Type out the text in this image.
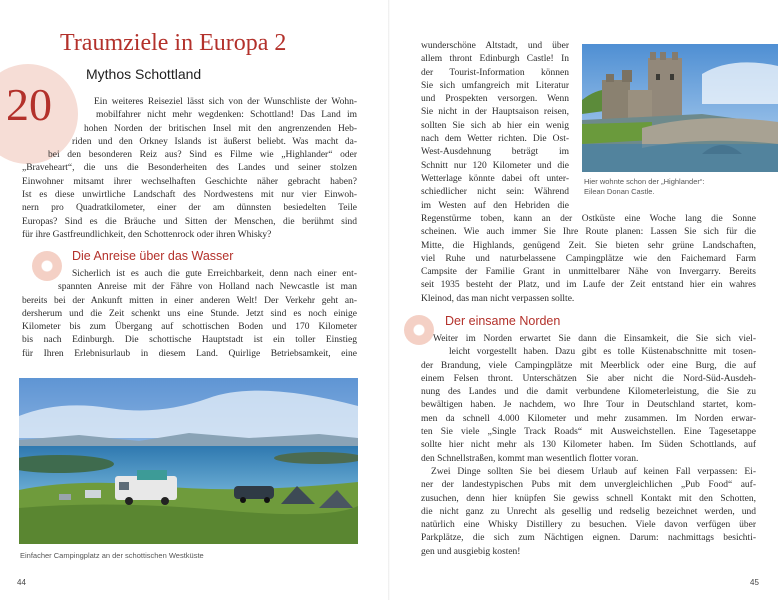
Traumziele in Europa 2
20
Mythos Schottland
Ein weiteres Reiseziel lässt sich von der Wunschliste der Wohn-
mobilfahrer nicht mehr wegdenken: Schottland! Das Land im
hohen Norden der britischen Insel mit den angrenzenden Heb-
riden und den Orkney Islands ist äußerst beliebt. Was macht da-
bei den besonderen Reiz aus? Sind es Filme wie „Highlander“ oder
„Braveheart“, die uns die Besonderheiten des Landes und seiner stolzen
Einwohner mitsamt ihrer wechselhaften Geschichte näher gebracht haben?
Ist es diese unwirtliche Landschaft des Nordwestens mit nur vier Einwoh-
nern pro Quadratkilometer, einer der am dünnsten besiedelten Teile
Europas? Sind es die Bräuche und Sitten der Menschen, die berühmt sind
für ihre Gastfreundlichkeit, den Schottenrock oder ihren Whisky?
Die Anreise über das Wasser
Sicherlich ist es auch die gute Erreichbarkeit, denn nach einer ent-
spannten Anreise mit der Fähre von Holland nach Newcastle ist man
bereits bei der Ankunft mitten in einer anderen Welt! Der Verkehr geht an-
dersherum und die Zeit schenkt uns eine Stunde. Jetzt sind es noch einige
Kilometer bis zum Übergang auf schottischen Boden und 170 Kilometer
bis nach Edinburgh. Die schottische Hauptstadt ist ein toller Einstieg
für Ihren Erlebnisurlaub in diesem Land. Quirlige Betriebsamkeit, eine

Einfacher Campingplatz an der schottischen Westküste

44
wunderschöne Altstadt, und über
allem thront Edinburgh Castle! In
der Tourist-Information können
Sie sich umfangreich mit Literatur
und Prospekten versorgen. Wenn
Sie nicht in der Hauptsaison reisen,
sollten Sie sich ab hier ein wenig
nach dem Wetter richten. Die Ost-
West-Ausdehnung beträgt im
Schnitt nur 120 Kilometer und die
Wetterlage könnte dabei oft unter-
schiedlicher nicht sein: Während
im Westen auf den Hebriden die
Hier wohnte schon der „Highlander“:
Eilean Donan Castle.
Regenstürme toben, kann an der Ostküste eine Woche lang die Sonne
scheinen. Wie auch immer Sie Ihre Route planen: Lassen Sie sich für die
Mitte, die Highlands, genügend Zeit. Sie bieten sehr grüne Landschaften,
viel Ruhe und naturbelassene Campingplätze wie den Faichemard Farm
Campsite der Familie Grant in unmittelbarer Nähe von Invergarry. Bereits
seit 1935 besteht der Platz, und im Laufe der Zeit entstand hier ein wahres
Kleinod, das man nicht verpassen sollte.
Der einsame Norden
Weiter im Norden erwartet Sie dann die Einsamkeit, die Sie sich viel-
leicht vorgestellt haben. Dazu gibt es tolle Küstenabschnitte mit tosen-
der Brandung, viele Campingplätze mit Meerblick oder eine Burg, die auf
einem Felsen thront. Unterschätzen Sie aber nicht die Nord-Süd-Ausdeh-
nung des Landes und die damit verbundene Kilometerleistung, die Sie zu
bewältigen haben. Je nachdem, wo Ihre Tour in Deutschland startet, kom-
men da schnell 4.000 Kilometer und mehr zusammen. Im Norden erwar-
ten Sie viele „Single Track Roads“ mit Ausweichstellen. Eine Tagesetappe
sollte hier nicht mehr als 130 Kilometer haben. Im Süden Schottlands, auf
den Schnellstraßen, kommt man wesentlich flotter voran.
Zwei Dinge sollten Sie bei diesem Urlaub auf keinen Fall verpassen: Ei-
ner der landestypischen Pubs mit dem unvergleichlichen „Pub Food“ auf-
zusuchen, denn hier knüpfen Sie gewiss schnell Kontakt mit den Schotten,
die nicht ganz zu Unrecht als gesellig und redselig bezeichnet werden, und
natürlich eine Whisky Distillery zu besuchen. Viele davon verfügen über
Parkplätze, die sich zum Nächtigen eignen. Darum: nachmittags besichti-
gen und ausgiebig kosten!
45
